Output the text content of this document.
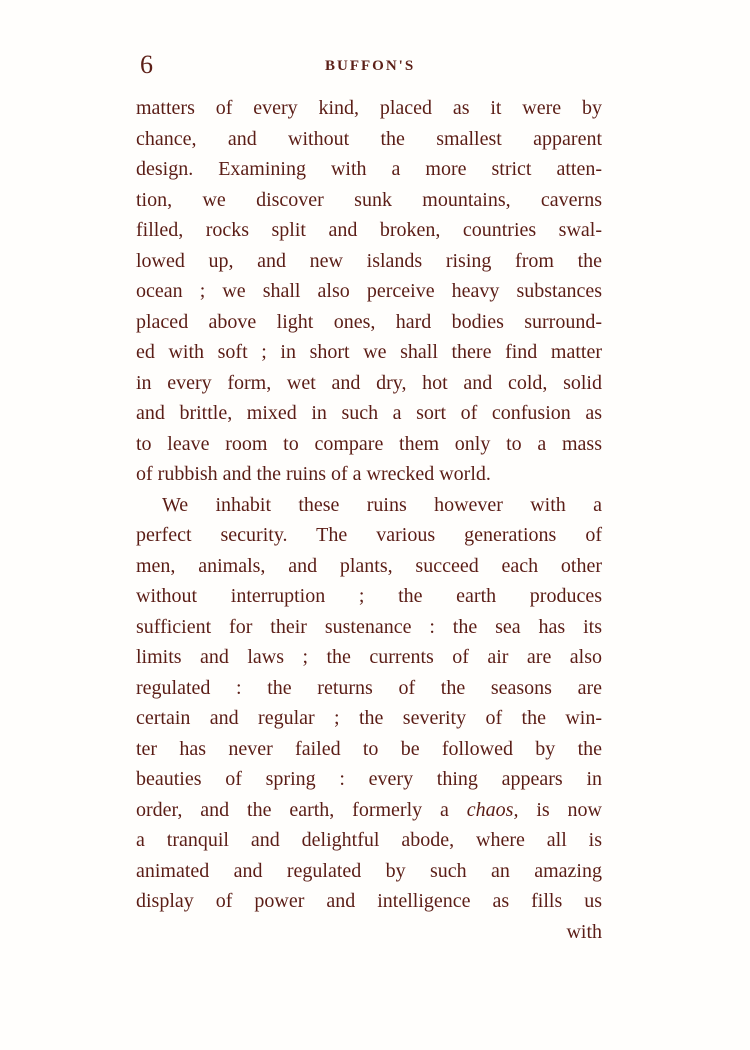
6	BUFFON'S
matters of every kind, placed as it were by
chance, and without the smallest apparent
design. Examining with a more strict atten-
tion, we discover sunk mountains, caverns
filled, rocks split and broken, countries swal-
lowed up, and new islands rising from the
ocean ; we shall also perceive heavy substances
placed above light ones, hard bodies surround-
ed with soft ; in short we shall there find matter
in every form, wet and dry, hot and cold, solid
and brittle, mixed in such a sort of confusion as
to leave room to compare them only to a mass
of rubbish and the ruins of a wrecked world.
We inhabit these ruins however with a
perfect security. The various generations of
men, animals, and plants, succeed each other
without interruption ; the earth produces
sufficient for their sustenance : the sea has its
limits and laws ; the currents of air are also
regulated : the returns of the seasons are
certain and regular ; the severity of the win-
ter has never failed to be followed by the
beauties of spring : every thing appears in
order, and the earth, formerly a chaos, is now
a tranquil and delightful abode, where all is
animated and regulated by such an amazing
display of power and intelligence as fills us
with
